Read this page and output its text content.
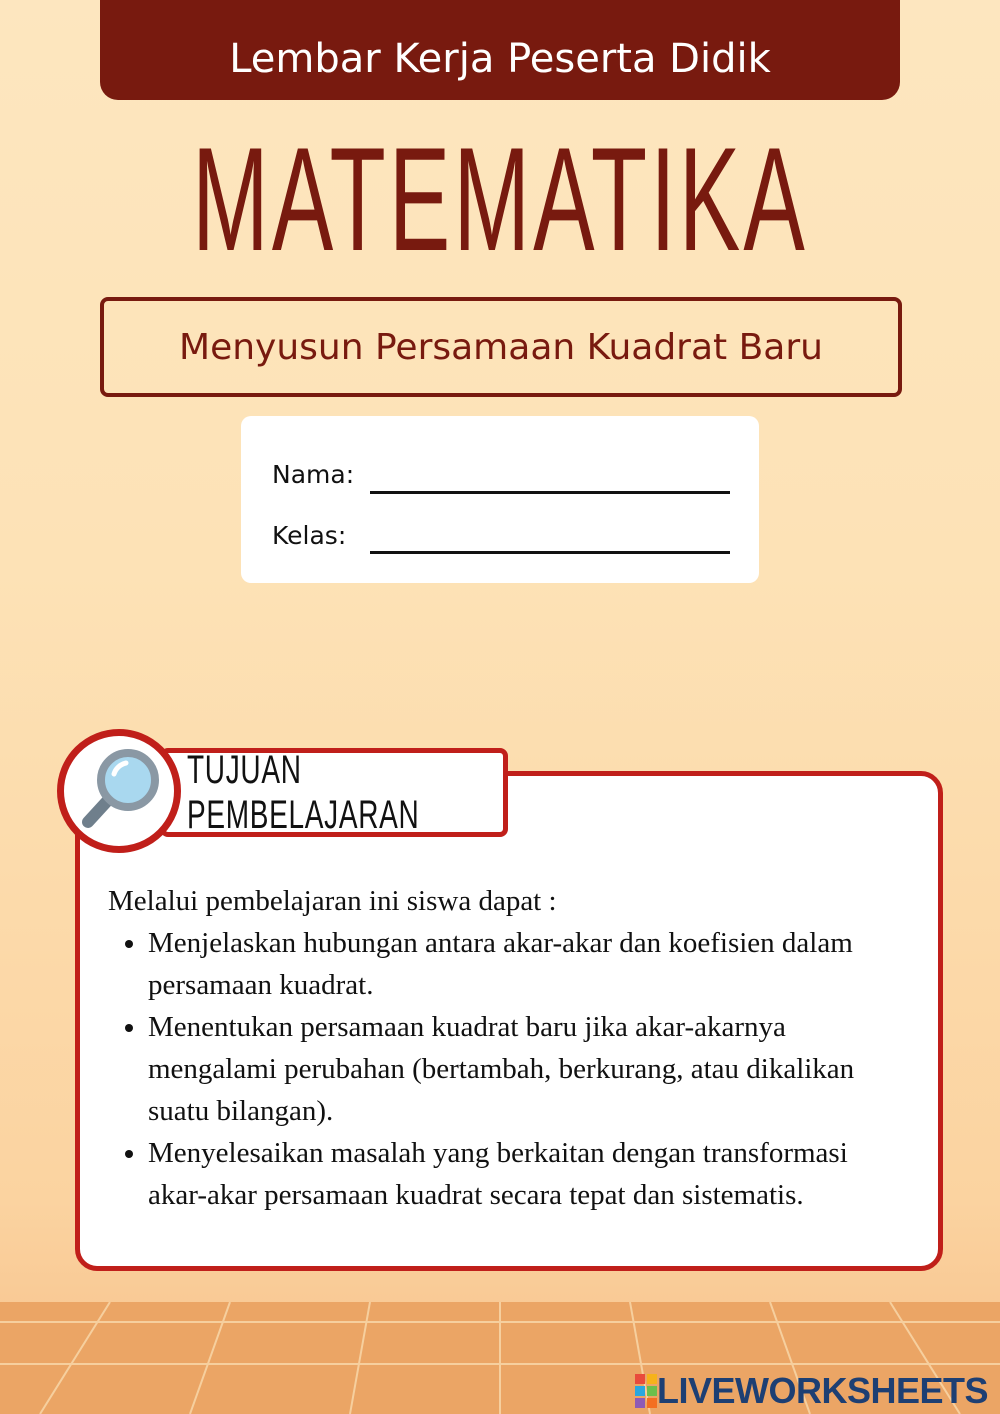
Lembar Kerja Peserta Didik
MATEMATIKA
Menyusun Persamaan Kuadrat Baru
Nama:
Kelas:
TUJUAN PEMBELAJARAN
Melalui pembelajaran ini siswa dapat :
• Menjelaskan hubungan antara akar-akar dan koefisien dalam persamaan kuadrat.
• Menentukan persamaan kuadrat baru jika akar-akarnya mengalami perubahan (bertambah, berkurang, atau dikalikan suatu bilangan).
• Menyelesaikan masalah yang berkaitan dengan transformasi akar-akar persamaan kuadrat secara tepat dan sistematis.
LIVEWORKSHEETS
